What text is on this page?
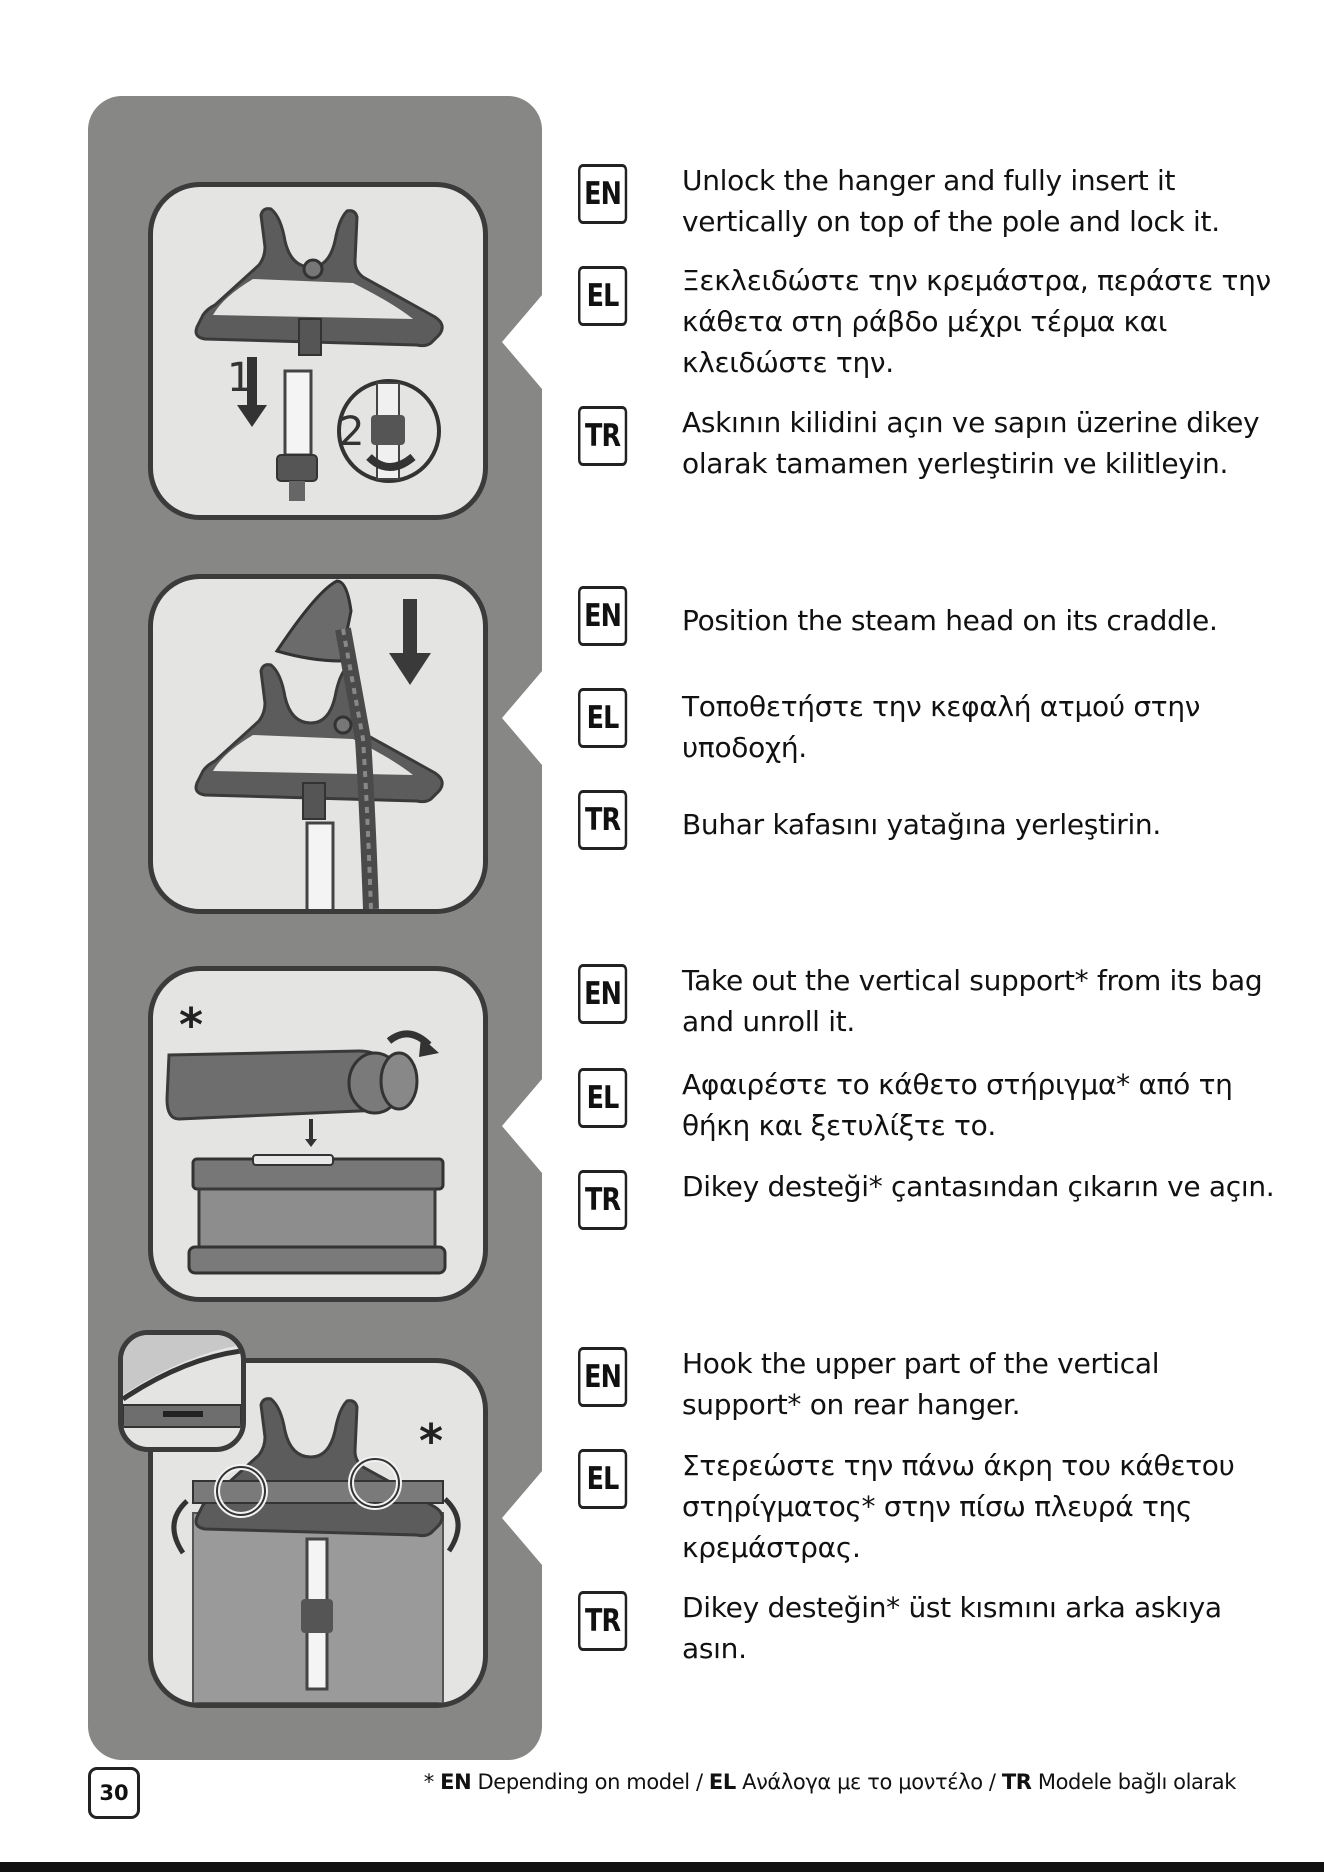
1
2
*
*
EN Unlock the hanger and fully insert it vertically on top of the pole and lock it.
EL	Ξεκλειδώστε την κρεμάστρα, περάστε την κάθετα στη ράβδο μέχρι τέρμα και κλειδώστε την.
TR Askının kilidini açın ve sapın üzerine dikey olarak tamamen yerleştirin ve kilitleyin.
EN Position the steam head on its craddle.
EL	Τοποθετήστε την κεφαλή ατμού στην υποδοχή.
TR Buhar kafasını yatağına yerleştirin.
EN Take out the vertical support* from its bag and unroll it.
EL	Αφαιρέστε το κάθετο στήριγμα* από τη θήκη και ξετυλίξτε το.
TR Dikey desteği* çantasından çıkarın ve açın.
EN Hook the upper part of the vertical support* on rear hanger.
EL	Στερεώστε την πάνω άκρη του κάθετου στηρίγματος* στην πίσω πλευρά της κρεμάστρας.
TR Dikey desteğin* üst kısmını arka askıya asın.
30	* EN Depending on model / EL Ανάλογα με το μοντέλο / TR Modele bağlı olarak
